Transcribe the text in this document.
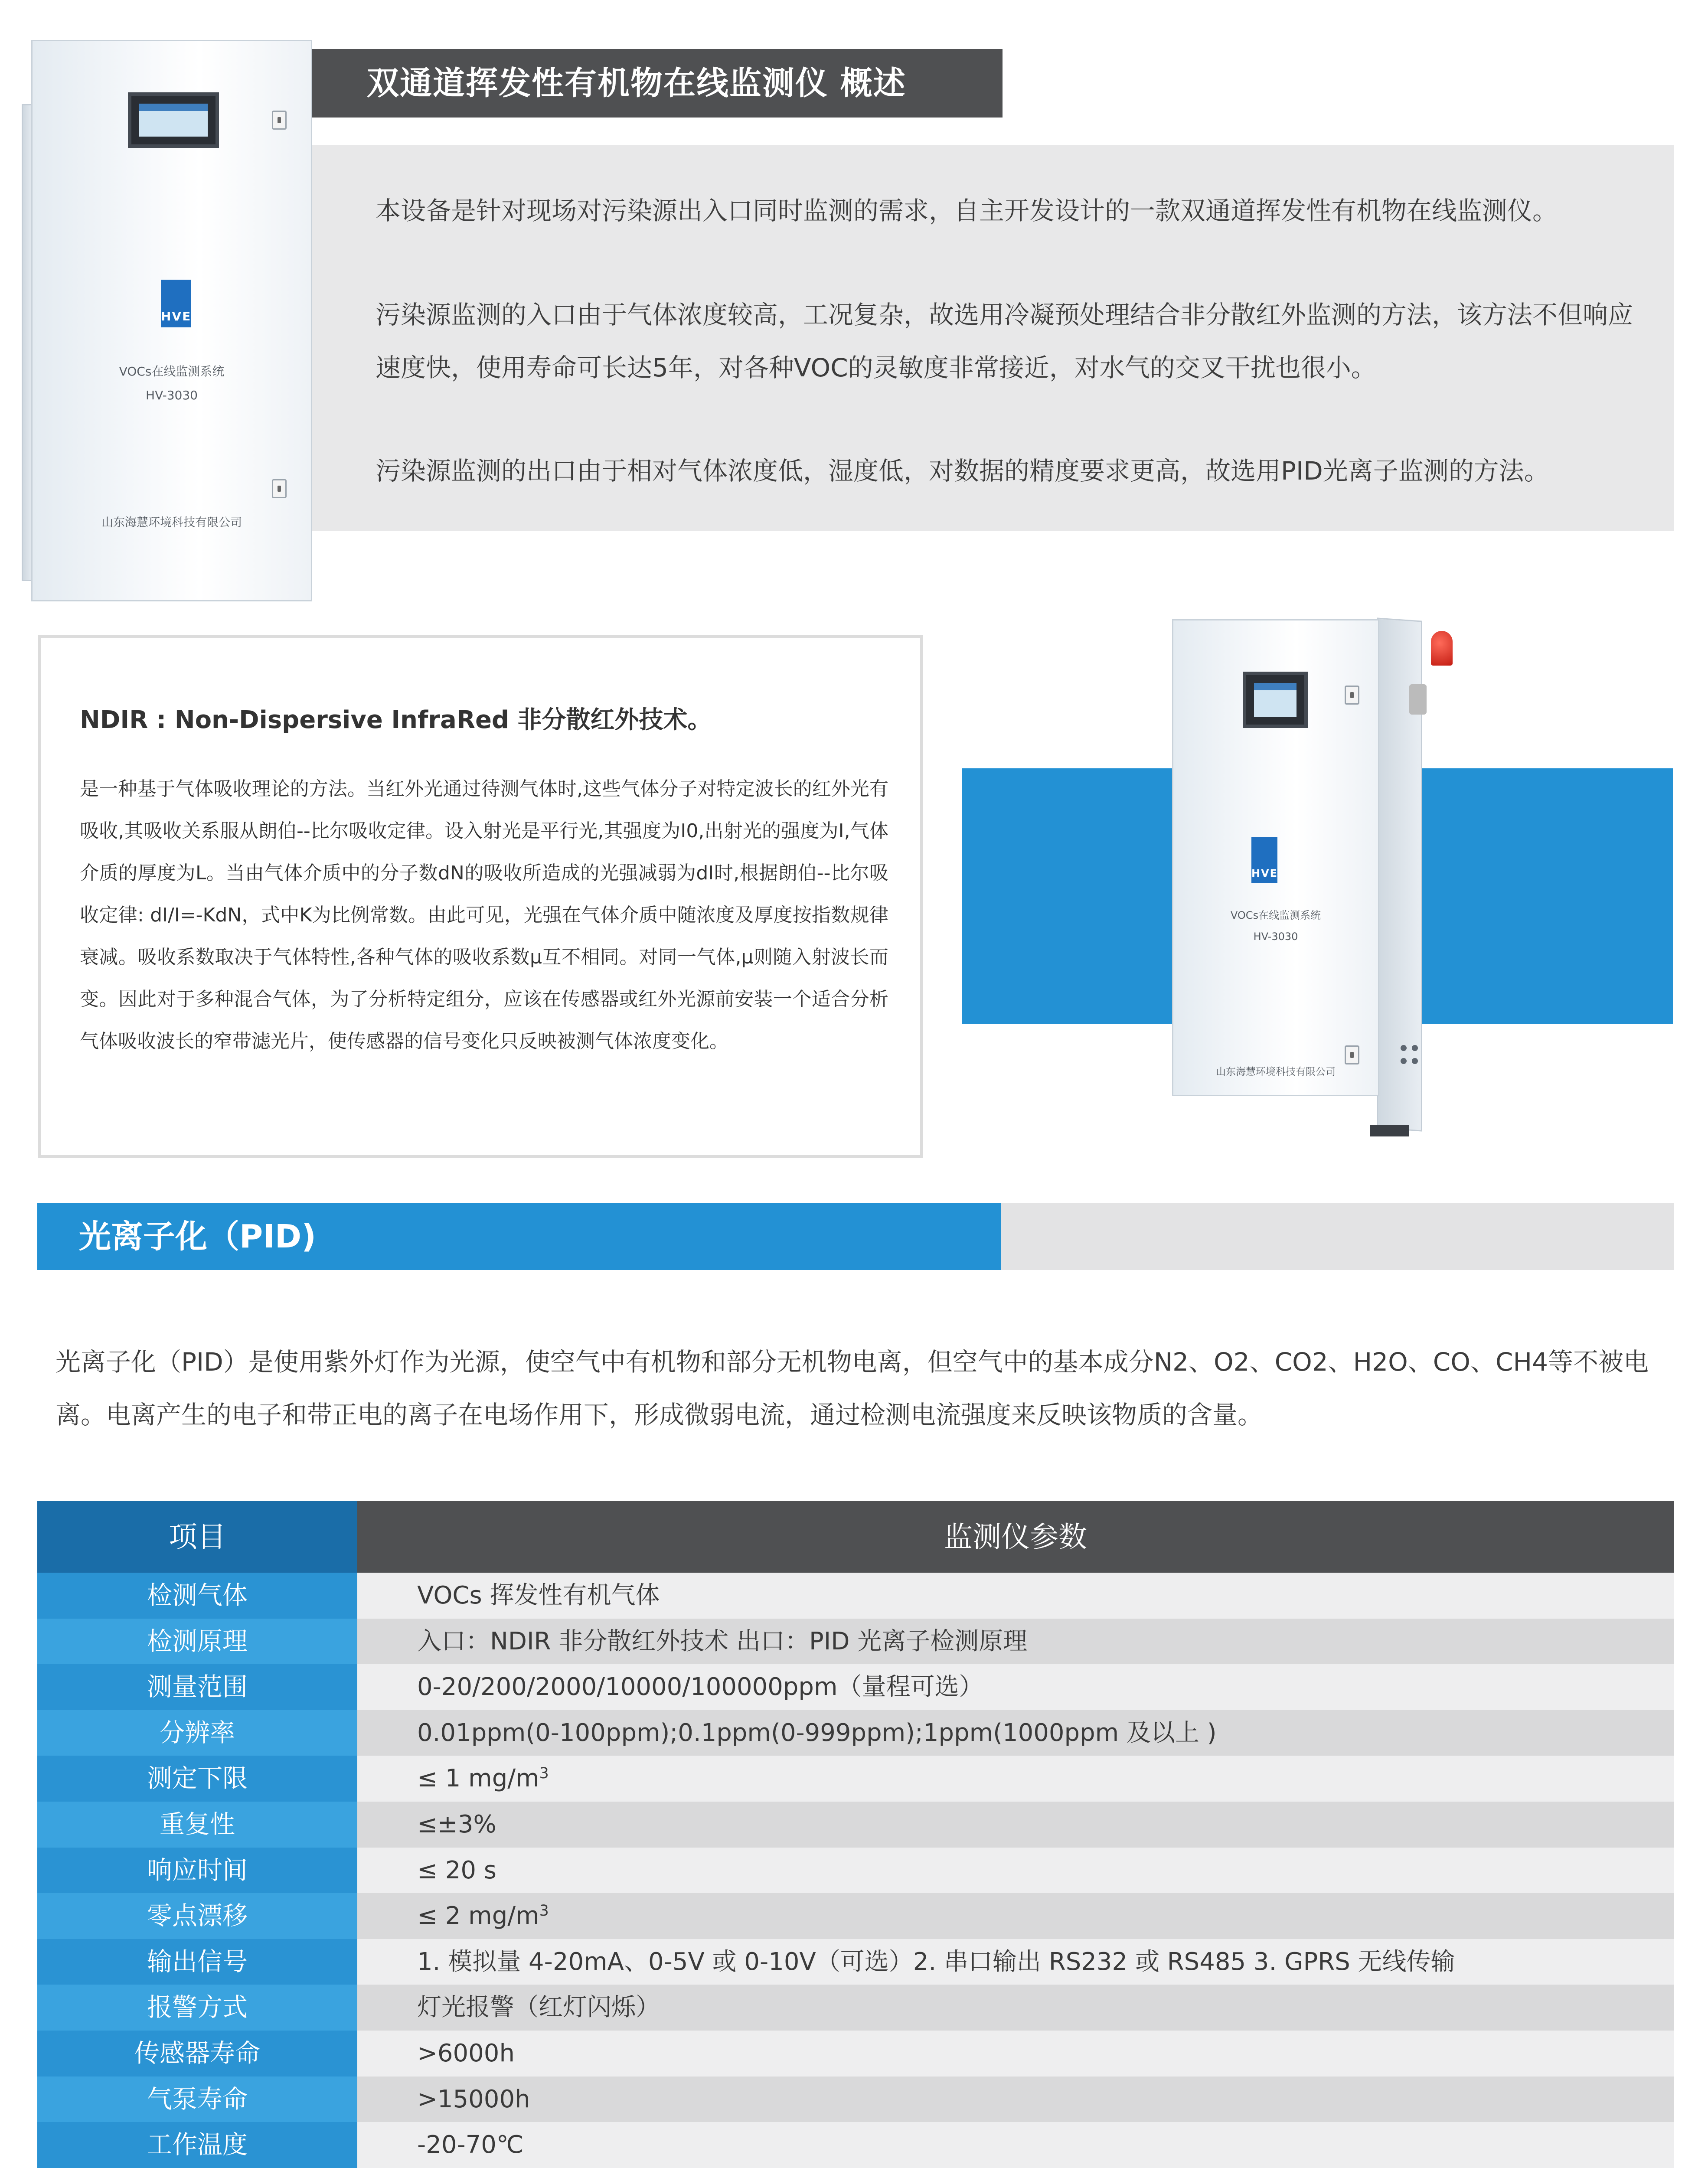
双通道挥发性有机物在线监测仪 概述
本设备是针对现场对污染源出入口同时监测的需求，自主开发设计的一款双通道挥发性有机物在线监测仪。
污染源监测的入口由于气体浓度较高，工况复杂，故选用冷凝预处理结合非分散红外监测的方法，该方法不但响应速度快，使用寿命可长达5年，对各种VOC的灵敏度非常接近，对水气的交叉干扰也很小。
污染源监测的出口由于相对气体浓度低，湿度低，对数据的精度要求更高，故选用PID光离子监测的方法。
HVE
VOCs在线监测系统
HV-3030
山东海慧环境科技有限公司
NDIR : Non-Dispersive InfraRed 非分散红外技术。
是一种基于气体吸收理论的方法。当红外光通过待测气体时,这些气体分子对特定波长的红外光有吸收,其吸收关系服从朗伯--比尔吸收定律。设入射光是平行光,其强度为I0,出射光的强度为I,气体介质的厚度为L。当由气体介质中的分子数dN的吸收所造成的光强减弱为dI时,根据朗伯--比尔吸收定律: dI/I=-KdN，式中K为比例常数。由此可见，光强在气体介质中随浓度及厚度按指数规律衰减。吸收系数取决于气体特性,各种气体的吸收系数μ互不相同。对同一气体,μ则随入射波长而变。因此对于多种混合气体，为了分析特定组分，应该在传感器或红外光源前安装一个适合分析气体吸收波长的窄带滤光片，使传感器的信号变化只反映被测气体浓度变化。
HVE
VOCs在线监测系统
HV-3030
山东海慧环境科技有限公司
光离子化（PID)
光离子化（PID）是使用紫外灯作为光源，使空气中有机物和部分无机物电离，但空气中的基本成分N2、O2、CO2、H2O、CO、CH4等不被电离。电离产生的电子和带正电的离子在电场作用下，形成微弱电流，通过检测电流强度来反映该物质的含量。
项目	监测仪参数
检测气体	VOCs 挥发性有机气体
检测原理	入口：NDIR 非分散红外技术 出口：PID 光离子检测原理
测量范围	0-20/200/2000/10000/100000ppm（量程可选）
分辨率	0.01ppm(0-100ppm);0.1ppm(0-999ppm);1ppm(1000ppm 及以上 )
测定下限	≤ 1 $mg/m^3$
重复性	≤±3%
响应时间	≤ 20 s
零点漂移	≤ 2 $mg/m^3$
输出信号	1. 模拟量 4-20mA、0-5V 或 0-10V（可选）2. 串口输出 RS232 或 RS485 3. GPRS 无线传输
报警方式	灯光报警（红灯闪烁）
传感器寿命	>6000h
气泵寿命	>15000h
工作温度	-20-70℃
